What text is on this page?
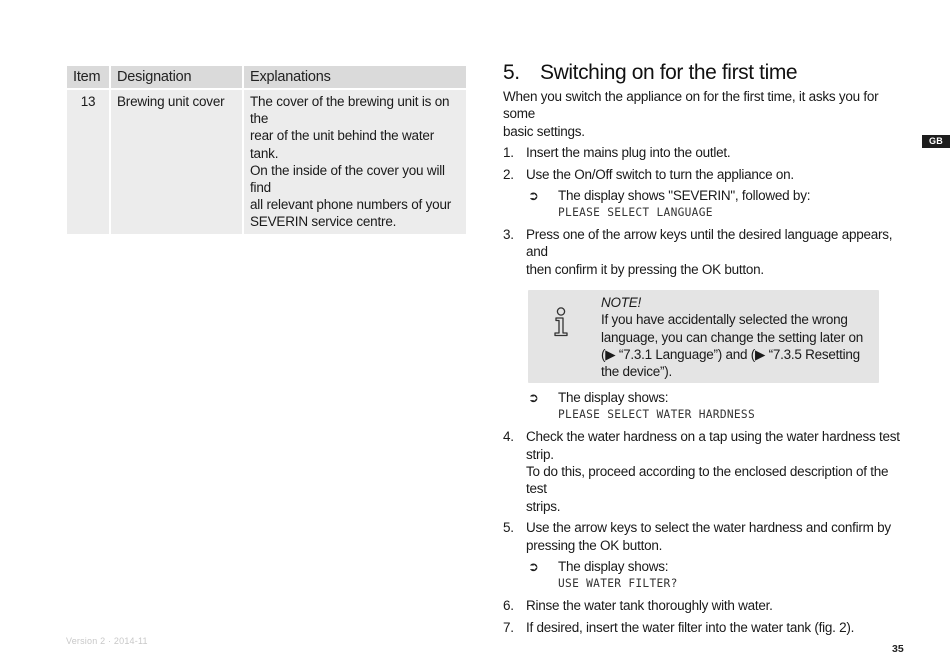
Item	Designation	Explanations
13	Brewing unit cover	The cover of the brewing unit is on the
rear of the unit behind the water tank.
On the inside of the cover you will find
all relevant phone numbers of your
SEVERIN service centre.
5. Switching on for the first time

When you switch the appliance on for the first time, it asks you for some

basic settings.

1. Insert the mains plug into the outlet.
2. Use the On/Off switch to turn the appliance on.
➲ The display shows "SEVERIN", followed by:
PLEASE SELECT LANGUAGE
3. Press one of the arrow keys until the desired language appears, and
then confirm it by pressing the OK button.
NOTE!
If you have accidentally selected the wrong
language, you can change the setting later on
(▶ “7.3.1 Language”) and (▶ “7.3.5 Resetting
the device”).
➲ The display shows:
PLEASE SELECT WATER HARDNESS
4. Check the water hardness on a tap using the water hardness test strip.
To do this, proceed according to the enclosed description of the test
strips.
5. Use the arrow keys to select the water hardness and confirm by
pressing the OK button.
➲ The display shows:
USE WATER FILTER?
6. Rinse the water tank thoroughly with water.
7. If desired, insert the water filter into the water tank (fig. 2).
GB
Version 2 · 2014-11
35
